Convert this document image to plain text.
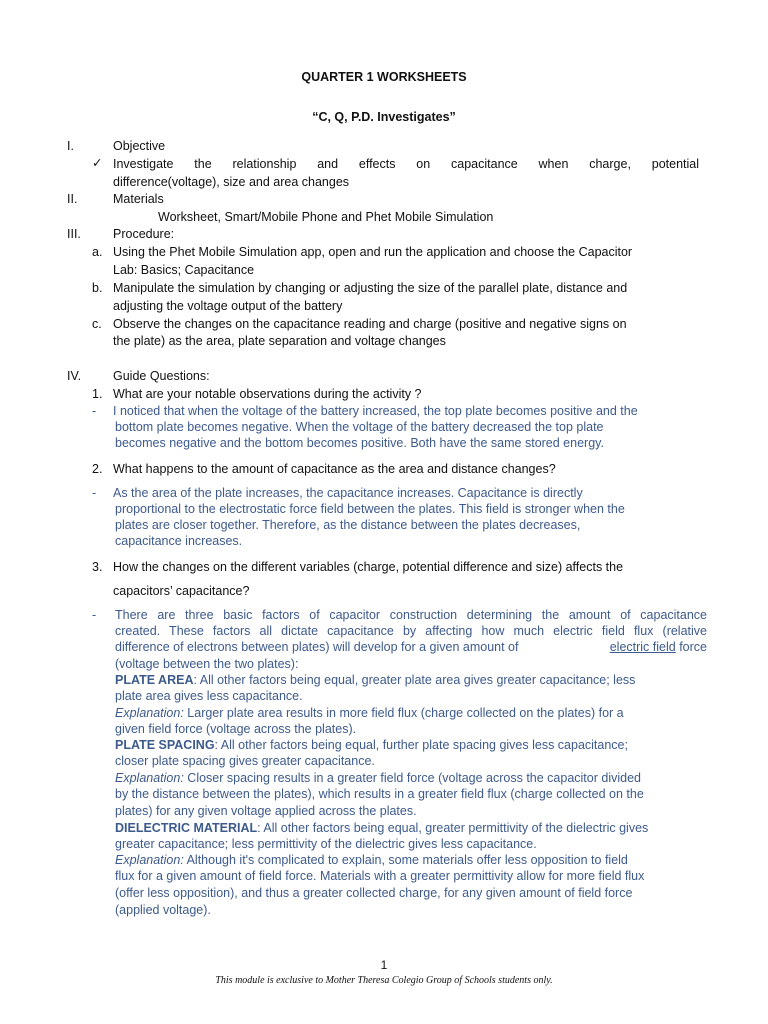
QUARTER 1 WORKSHEETS
“C, Q, P.D. Investigates”
I.	Objective
✓ Investigate the relationship and effects on capacitance when charge, potential
difference(voltage), size and area changes
II.	Materials
Worksheet, Smart/Mobile Phone and Phet Mobile Simulation
III.	Procedure:
a. Using the Phet Mobile Simulation app, open and run the application and choose the Capacitor
Lab: Basics; Capacitance
b. Manipulate the simulation by changing or adjusting the size of the parallel plate, distance and
adjusting the voltage output of the battery
c. Observe the changes on the capacitance reading and charge (positive and negative signs on
the plate) as the area, plate separation and voltage changes
IV.	Guide Questions:
1. What are your notable observations during the activity ?
- I noticed that when the voltage of the battery increased, the top plate becomes positive and the
bottom plate becomes negative. When the voltage of the battery decreased the top plate
becomes negative and the bottom becomes positive. Both have the same stored energy.
2. What happens to the amount of capacitance as the area and distance changes?
- As the area of the plate increases, the capacitance increases. Capacitance is directly
proportional to the electrostatic force field between the plates. This field is stronger when the
plates are closer together. Therefore, as the distance between the plates decreases,
capacitance increases.
3. How the changes on the different variables (charge, potential difference and size) affects the
capacitors’ capacitance?
- There are three basic factors of capacitor construction determining the amount of capacitance
created. These factors all dictate capacitance by affecting how much electric field flux (relative
difference of electrons between plates) will develop for a given amount of	electric field force
(voltage between the two plates):
PLATE AREA: All other factors being equal, greater plate area gives greater capacitance; less
plate area gives less capacitance.
Explanation: Larger plate area results in more field flux (charge collected on the plates) for a
given field force (voltage across the plates).
PLATE SPACING: All other factors being equal, further plate spacing gives less capacitance;
closer plate spacing gives greater capacitance.
Explanation: Closer spacing results in a greater field force (voltage across the capacitor divided
by the distance between the plates), which results in a greater field flux (charge collected on the
plates) for any given voltage applied across the plates.
DIELECTRIC MATERIAL: All other factors being equal, greater permittivity of the dielectric gives
greater capacitance; less permittivity of the dielectric gives less capacitance.
Explanation: Although it's complicated to explain, some materials offer less opposition to field
flux for a given amount of field force. Materials with a greater permittivity allow for more field flux
(offer less opposition), and thus a greater collected charge, for any given amount of field force
(applied voltage).
1
This module is exclusive to Mother Theresa Colegio Group of Schools students only.
